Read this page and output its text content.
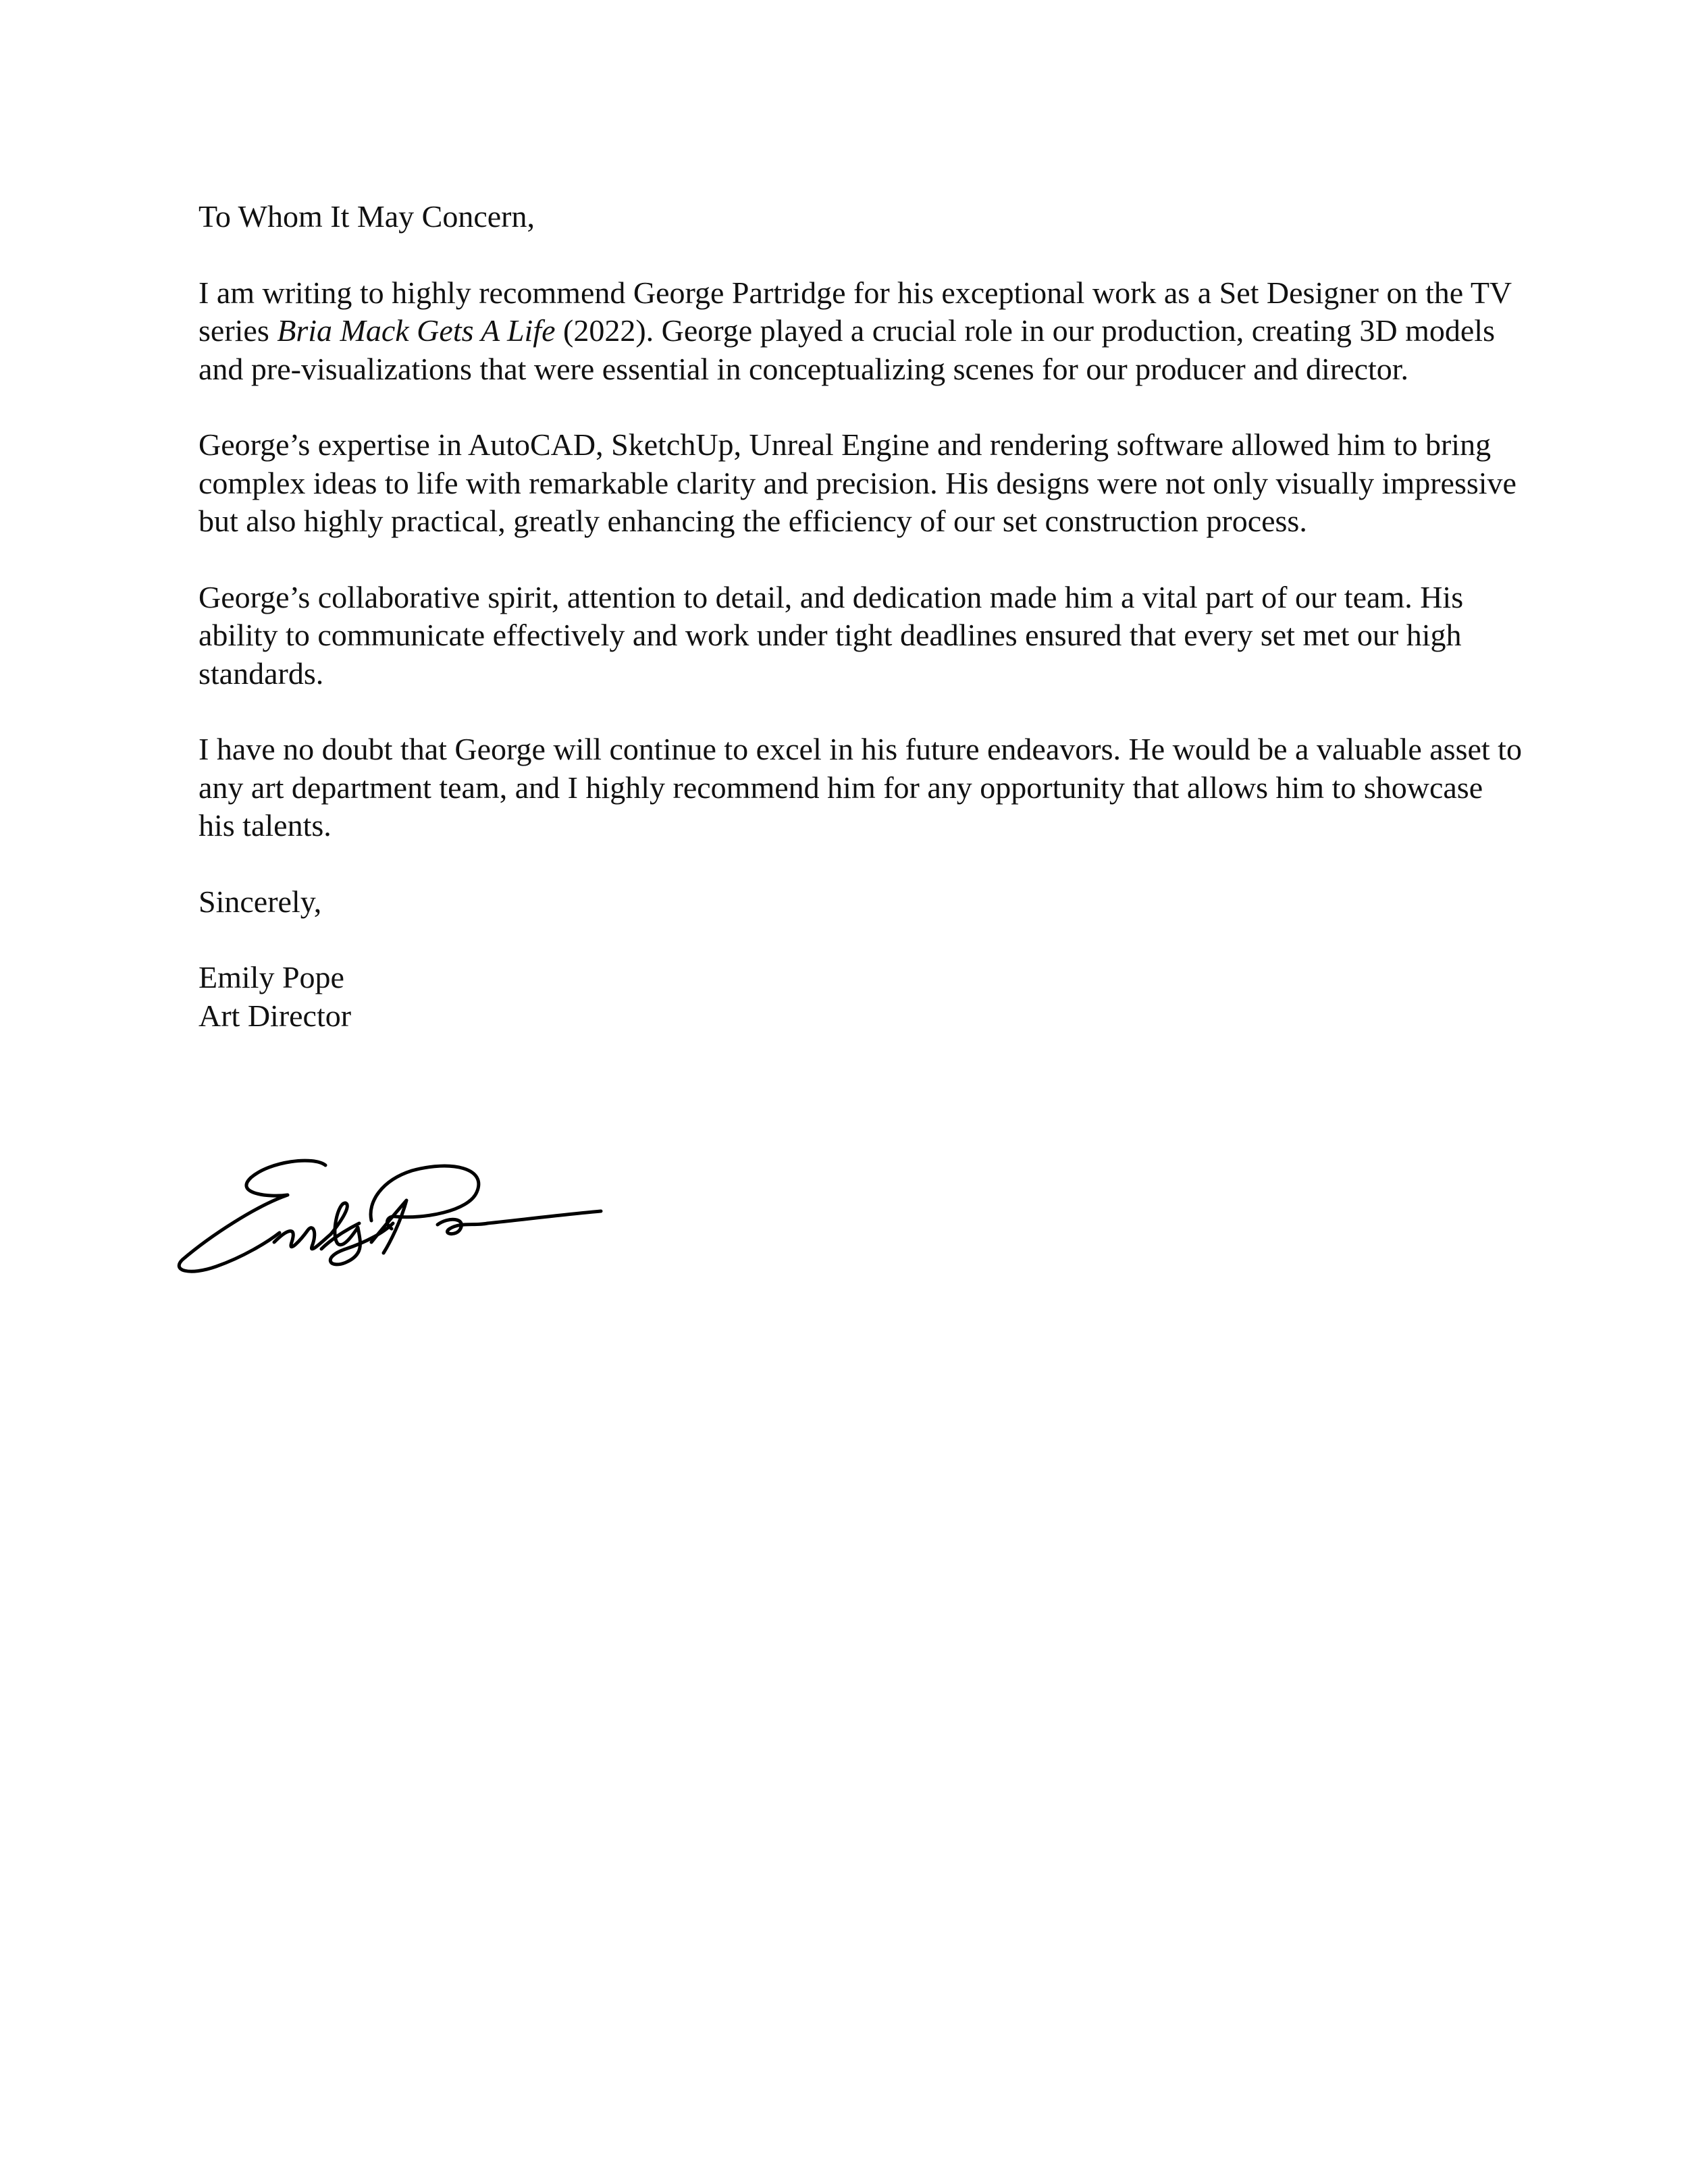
To Whom It May Concern,

I am writing to highly recommend George Partridge for his exceptional work as a Set Designer on the TV series Bria Mack Gets A Life (2022). George played a crucial role in our production, creating 3D models and pre-visualizations that were essential in conceptualizing scenes for our producer and director.

George’s expertise in AutoCAD, SketchUp, Unreal Engine and rendering software allowed him to bring complex ideas to life with remarkable clarity and precision. His designs were not only visually impressive but also highly practical, greatly enhancing the efficiency of our set construction process.

George’s collaborative spirit, attention to detail, and dedication made him a vital part of our team. His ability to communicate effectively and work under tight deadlines ensured that every set met our high standards.

I have no doubt that George will continue to excel in his future endeavors. He would be a valuable asset to any art department team, and I highly recommend him for any opportunity that allows him to showcase his talents.

Sincerely,

Emily Pope
Art Director
